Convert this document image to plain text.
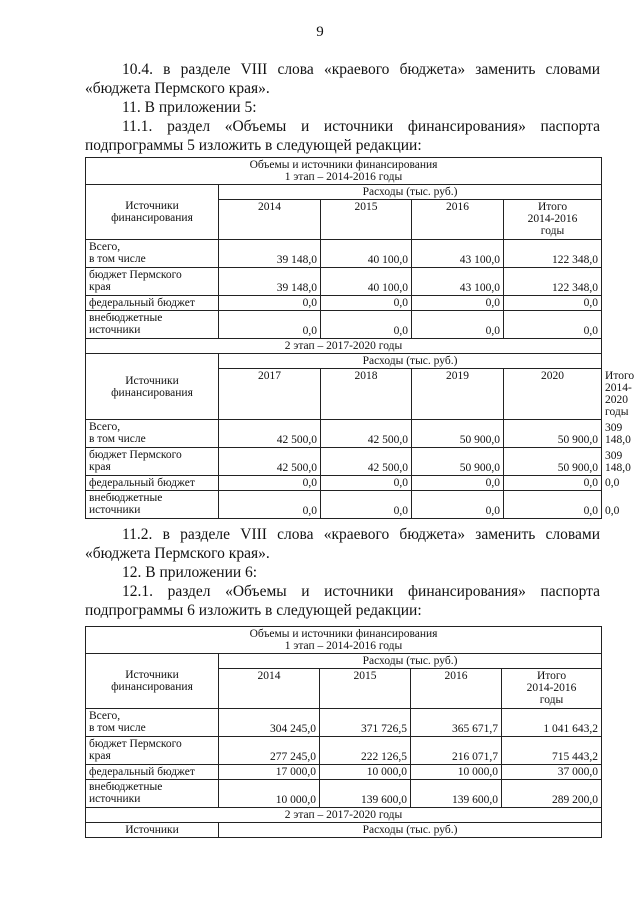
9

10.4. в разделе VIII слова «краевого бюджета» заменить словами

«бюджета Пермского края».

11. В приложении 5:

11.1. раздел «Объемы и источники финансирования» паспорта

подпрограммы 5 изложить в следующей редакции:

Объемы и источники финансирования
1 этап – 2014-2016 годы					

Источники
финансирования	Расходы (тыс. руб.)				
	2014	2015	2016	Итого
2014-2016
годы	

Всего,
в том числе	39 148,0	40 100,0	43 100,0	122 348,0	

бюджет Пермского
края	39 148,0	40 100,0	43 100,0	122 348,0	
федеральный бюджет	0,0	0,0	0,0	0,0	

внебюджетные
источники	0,0	0,0	0,0	0,0	
2 этап – 2017-2020 годы					

Источники
финансирования	Расходы (тыс. руб.)				
	2017	2018	2019	2020	Итого
2014-2020
годы

Всего,
в том числе	42 500,0	42 500,0	50 900,0	50 900,0	309 148,0

бюджет Пермского
края	42 500,0	42 500,0	50 900,0	50 900,0	309 148,0
федеральный бюджет	0,0	0,0	0,0	0,0	0,0

внебюджетные
источники	0,0	0,0	0,0	0,0	0,0

11.2. в разделе VIII слова «краевого бюджета» заменить словами

«бюджета Пермского края».

12. В приложении 6:

12.1. раздел «Объемы и источники финансирования» паспорта

подпрограммы 6 изложить в следующей редакции:

Объемы и источники финансирования
1 этап – 2014-2016 годы				

Источники
финансирования	Расходы (тыс. руб.)			
	2014	2015	2016	Итого
2014-2016
годы

Всего,
в том числе	304 245,0	371 726,5	365 671,7	1 041 643,2

бюджет Пермского
края	277 245,0	222 126,5	216 071,7	715 443,2
федеральный бюджет	17 000,0	10 000,0	10 000,0	37 000,0

внебюджетные
источники	10 000,0	139 600,0	139 600,0	289 200,0
2 этап – 2017-2020 годы				
Источники	Расходы (тыс. руб.)			
